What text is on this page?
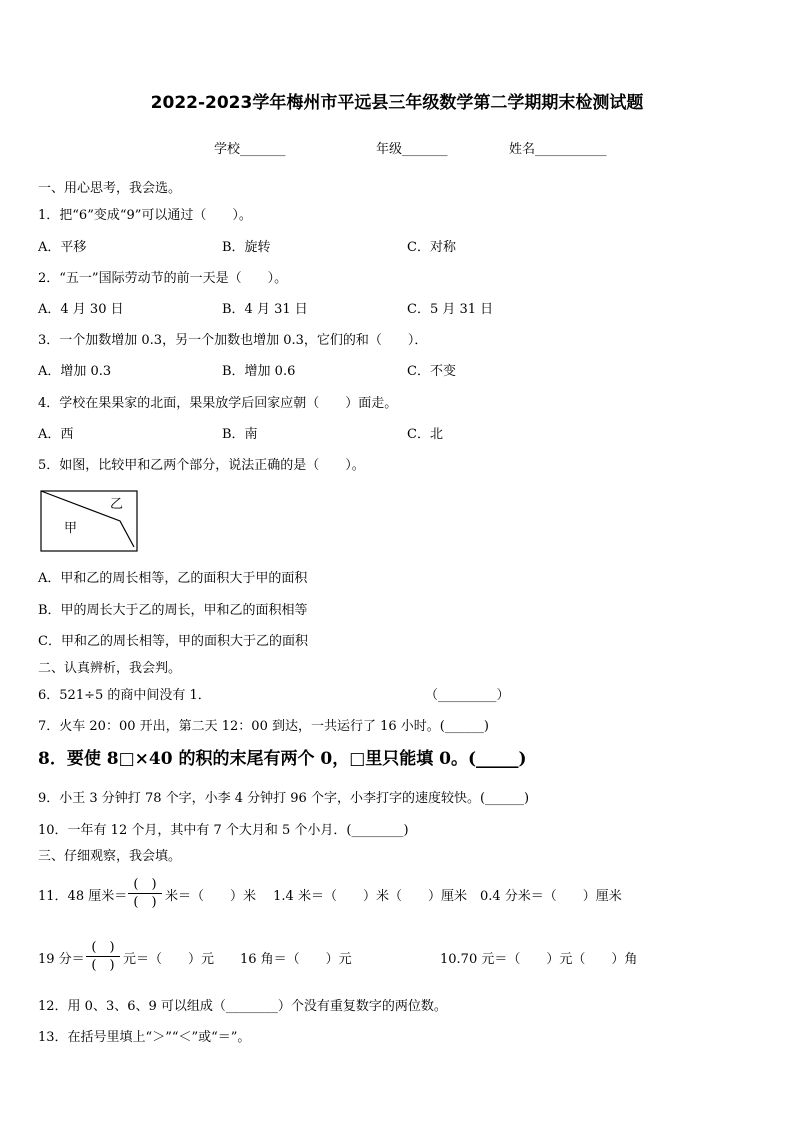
2022-2023学年梅州市平远县三年级数学第二学期期末检测试题
学校_______	年级_______	姓名___________
一、用心思考，我会选。
1．把“6”变成“9”可以通过（　　）。
A．平移	B．旋转	C．对称
2．“五一”国际劳动节的前一天是（　　）。
A．4 月 30 日	B．4 月 31 日	C．5 月 31 日
3．一个加数增加 0.3，另一个加数也增加 0.3，它们的和（　　）．
A．增加 0.3	B．增加 0.6	C．不变
4．学校在果果家的北面，果果放学后回家应朝（　　）面走。
A．西	B．南	C．北
5．如图，比较甲和乙两个部分，说法正确的是（　　）。
甲
乙
A．甲和乙的周长相等，乙的面积大于甲的面积
B．甲的周长大于乙的周长，甲和乙的面积相等
C．甲和乙的周长相等，甲的面积大于乙的面积
二、认真辨析，我会判。
6．521÷5 的商中间没有 1．	（_________）
7．火车 20：00 开出，第二天 12：00 到达，一共运行了 16 小时。(______)
8．要使 8□×40 的积的末尾有两个 0，□里只能填 0。(_____)
9．小王 3 分钟打 78 个字，小李 4 分钟打 96 个字，小李打字的速度较快。(______)
10．一年有 12 个月，其中有 7 个大月和 5 个小月．(________)
三、仔细观察，我会填。
11．48 厘米＝
(　)
(　) 米＝（　　）米　 1.4 米＝（　　）米（　　）厘米　0.4 分米＝（　　）厘米
19 分＝
(　)
(　) 元＝（　　）元　　16 角＝（　　）元	10.70 元＝（　　）元（　　）角
12．用 0、3、6、9 可以组成（________）个没有重复数字的两位数。
13．在括号里填上“＞”“＜”或“＝”。
